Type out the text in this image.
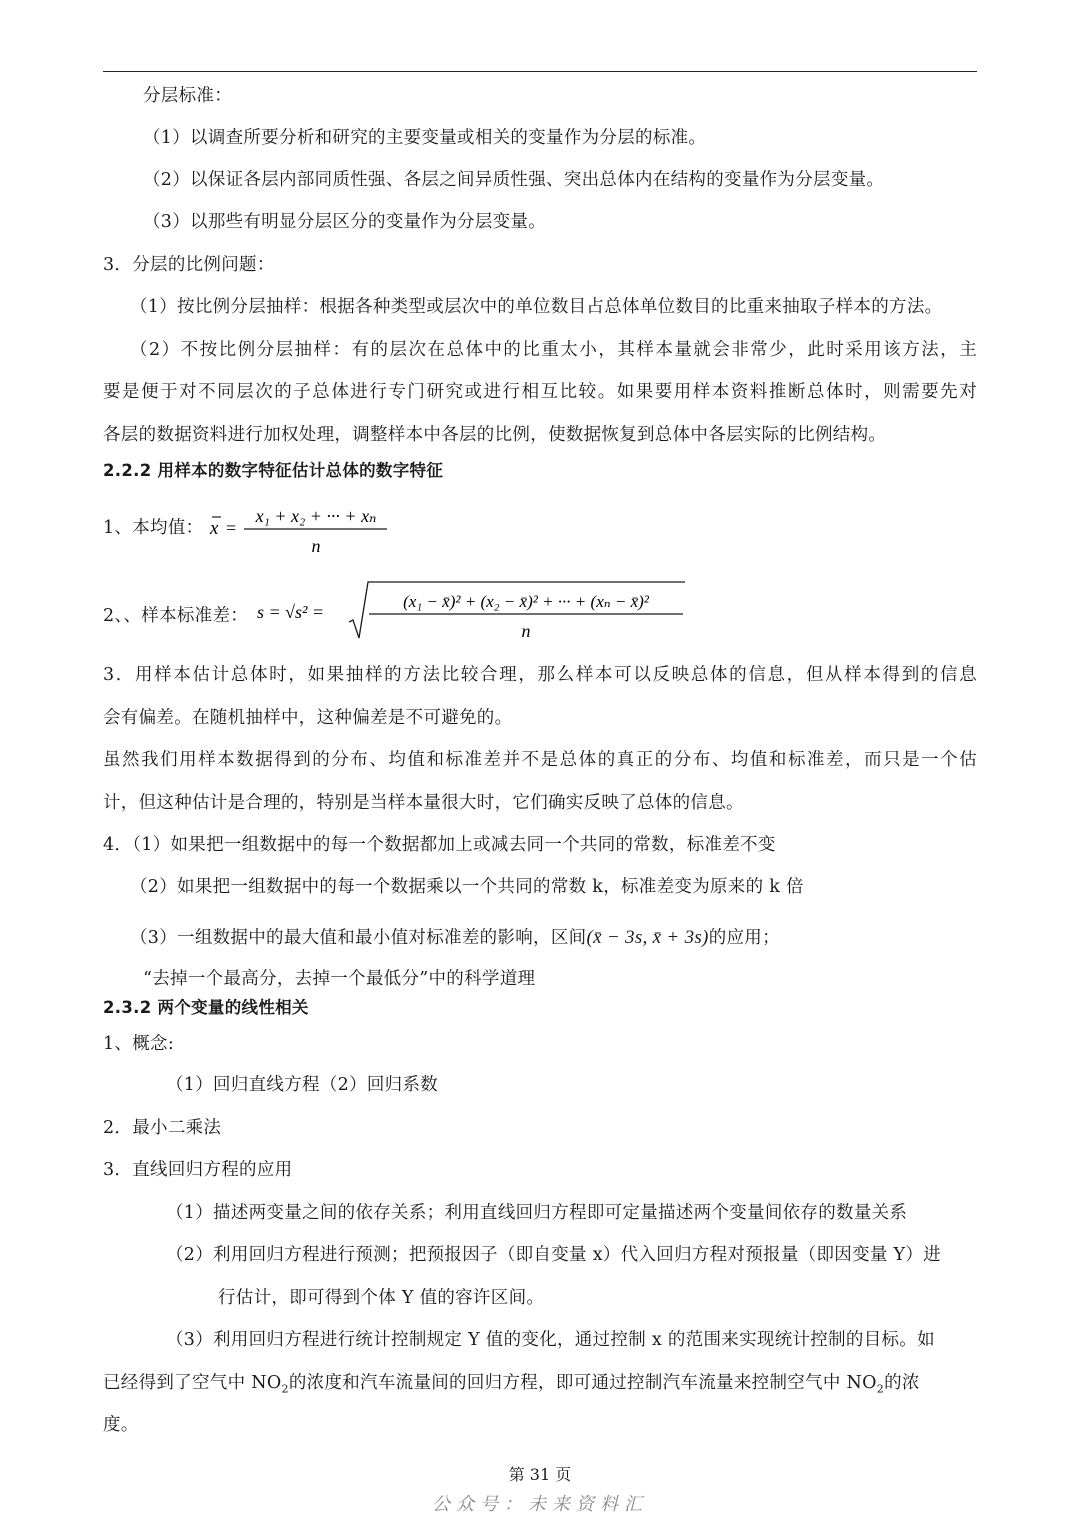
分层标准：
（1）以调查所要分析和研究的主要变量或相关的变量作为分层的标准。
（2）以保证各层内部同质性强、各层之间异质性强、突出总体内在结构的变量作为分层变量。
（3）以那些有明显分层区分的变量作为分层变量。
3．分层的比例问题：
（1）按比例分层抽样：根据各种类型或层次中的单位数目占总体单位数目的比重来抽取子样本的方法。
（2）不按比例分层抽样：有的层次在总体中的比重太小，其样本量就会非常少，此时采用该方法，主
要是便于对不同层次的子总体进行专门研究或进行相互比较。如果要用样本资料推断总体时，则需要先对
各层的数据资料进行加权处理，调整样本中各层的比例，使数据恢复到总体中各层实际的比例结构。
2.2.2 用样本的数字特征估计总体的数字特征
1、本均值： x =
x₁ + x₂ + ··· + xₙ
n
2、、样本标准差： s = √s² =
(x₁ − x̄)² + (x₂ − x̄)² + ··· + (xₙ − x̄)²
n
3．用样本估计总体时，如果抽样的方法比较合理，那么样本可以反映总体的信息，但从样本得到的信息
会有偏差。在随机抽样中，这种偏差是不可避免的。
虽然我们用样本数据得到的分布、均值和标准差并不是总体的真正的分布、均值和标准差，而只是一个估
计，但这种估计是合理的，特别是当样本量很大时，它们确实反映了总体的信息。
4．（1）如果把一组数据中的每一个数据都加上或减去同一个共同的常数，标准差不变
（2）如果把一组数据中的每一个数据乘以一个共同的常数 k，标准差变为原来的 k 倍
（3）一组数据中的最大值和最小值对标准差的影响，区间(x̄ − 3s, x̄ + 3s)的应用；
“去掉一个最高分，去掉一个最低分”中的科学道理
2.3.2 两个变量的线性相关
1、概念:
（1）回归直线方程（2）回归系数
2．最小二乘法
3．直线回归方程的应用
（1）描述两变量之间的依存关系；利用直线回归方程即可定量描述两个变量间依存的数量关系
（2）利用回归方程进行预测；把预报因子（即自变量 x）代入回归方程对预报量（即因变量 Y）进
行估计，即可得到个体 Y 值的容许区间。
（3）利用回归方程进行统计控制规定 Y 值的变化，通过控制 x 的范围来实现统计控制的目标。如
已经得到了空气中 $NO_2$的浓度和汽车流量间的回归方程，即可通过控制汽车流量来控制空气中 $NO_2$的浓
度。
第 31 页
公众号：未来资料汇
